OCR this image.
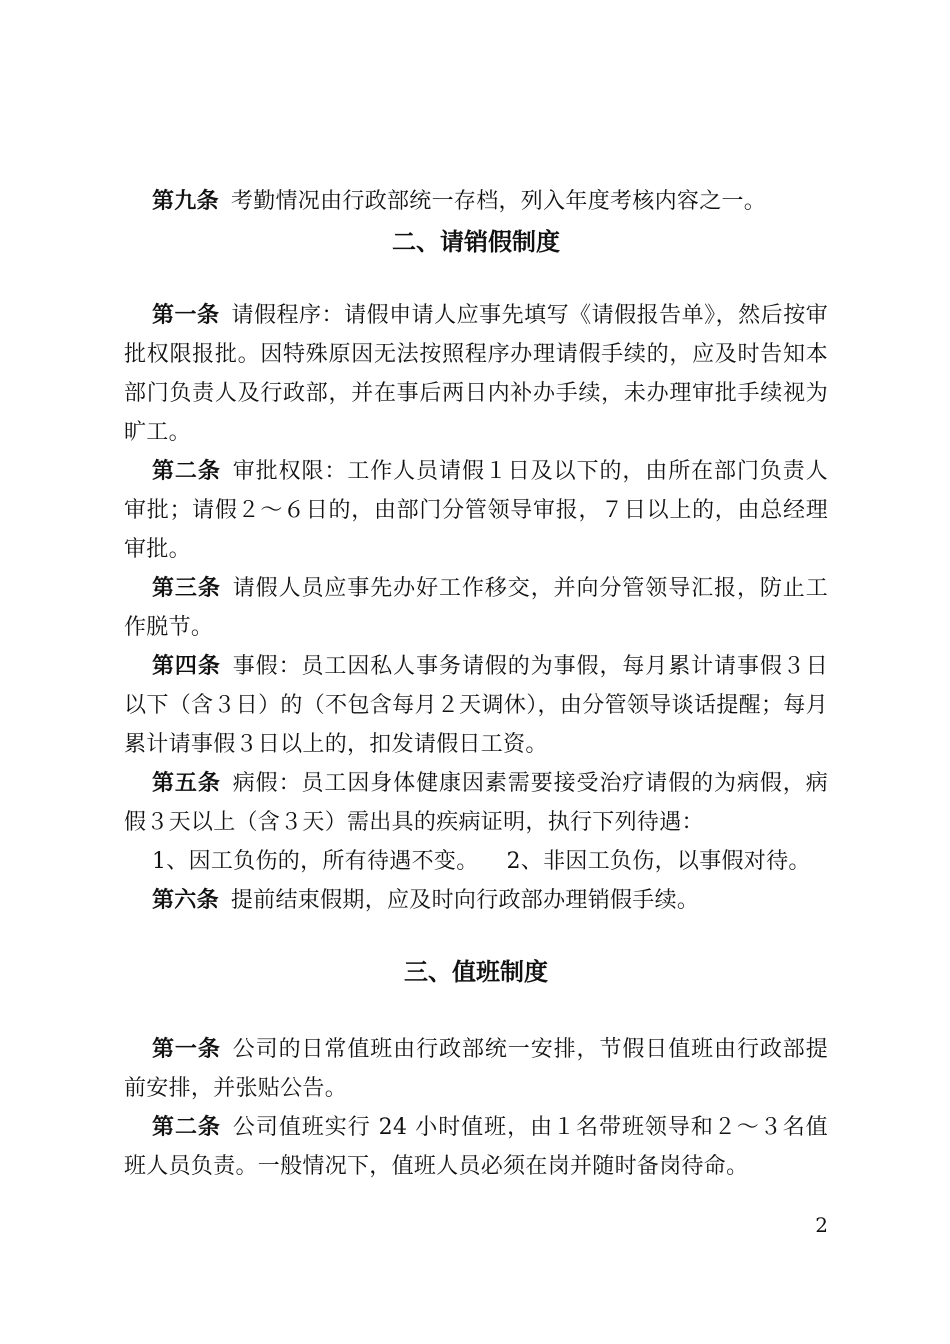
第九条 考勤情况由行政部统一存档，列入年度考核内容之一。

二、请销假制度

第一条 请假程序：请假申请人应事先填写《请假报告单》，然后按审批权限报批。因特殊原因无法按照程序办理请假手续的，应及时告知本部门负责人及行政部，并在事后两日内补办手续，未办理审批手续视为旷工。

第二条 审批权限：工作人员请假１日及以下的，由所在部门负责人审批；请假２～６日的，由部门分管领导审报，７日以上的，由总经理审批。

第三条 请假人员应事先办好工作移交，并向分管领导汇报，防止工作脱节。

第四条 事假：员工因私人事务请假的为事假，每月累计请事假３日以下（含３日）的（不包含每月２天调休），由分管领导谈话提醒；每月累计请事假３日以上的，扣发请假日工资。

第五条 病假：员工因身体健康因素需要接受治疗请假的为病假，病假３天以上（含３天）需出具的疾病证明，执行下列待遇：

1、因工负伤的，所有待遇不变。 2、非因工负伤，以事假对待。

第六条 提前结束假期，应及时向行政部办理销假手续。

三、值班制度

第一条 公司的日常值班由行政部统一安排，节假日值班由行政部提前安排，并张贴公告。

第二条 公司值班实行 24 小时值班，由１名带班领导和２～３名值班人员负责。一般情况下，值班人员必须在岗并随时备岗待命。

2
